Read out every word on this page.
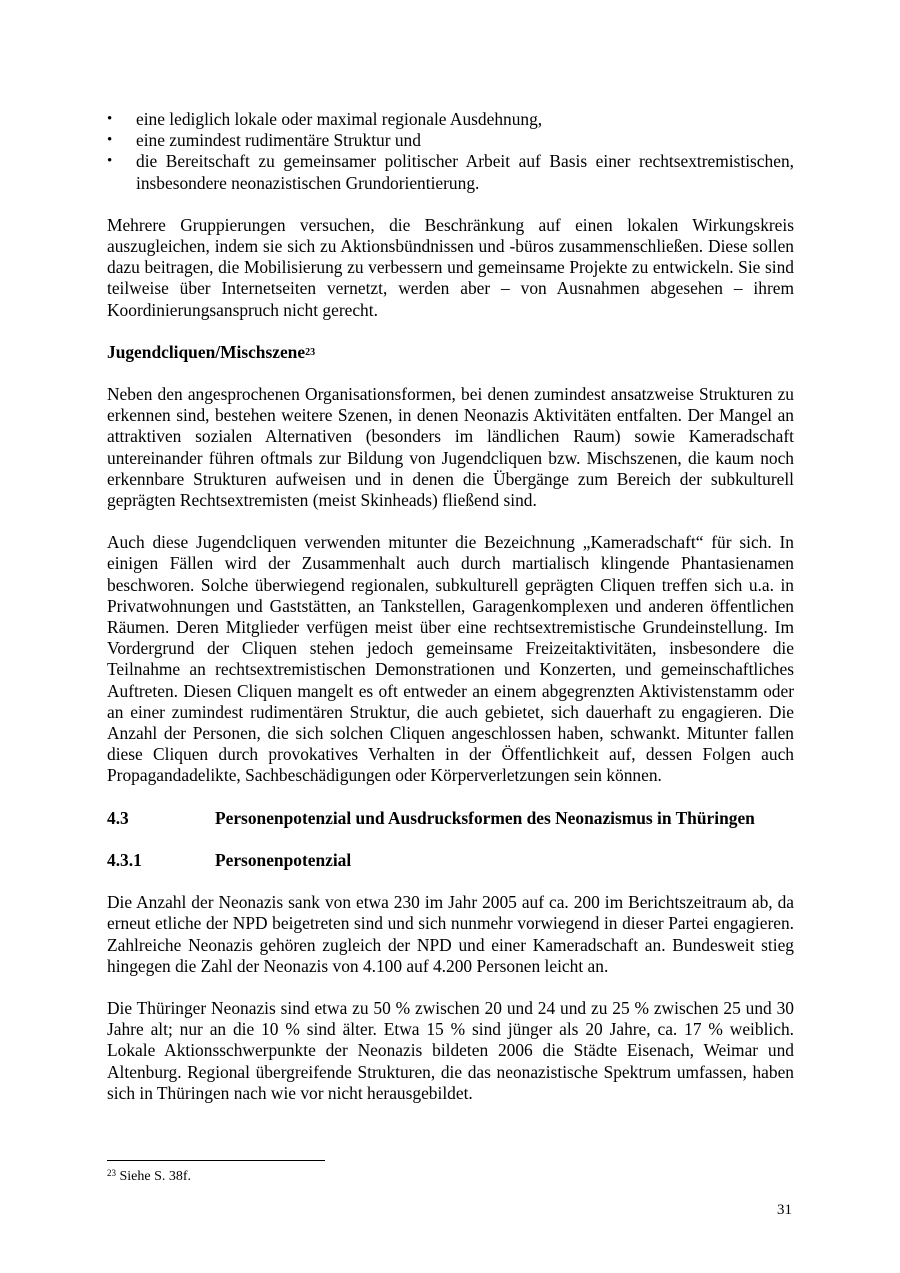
•	eine lediglich lokale oder maximal regionale Ausdehnung,
•	eine zumindest rudimentäre Struktur und
•	die Bereitschaft zu gemeinsamer politischer Arbeit auf Basis einer rechtsextremistischen, insbesondere neonazistischen Grundorientierung.

Mehrere Gruppierungen versuchen, die Beschränkung auf einen lokalen Wirkungskreis auszugleichen, indem sie sich zu Aktionsbündnissen und -büros zusammenschließen. Diese sollen dazu beitragen, die Mobilisierung zu verbessern und gemeinsame Projekte zu entwickeln. Sie sind teilweise über Internetseiten vernetzt, werden aber – von Ausnahmen abgesehen – ihrem Koordinierungsanspruch nicht gerecht.

Jugendcliquen/Mischszene$^{23}$

Neben den angesprochenen Organisationsformen, bei denen zumindest ansatzweise Strukturen zu erkennen sind, bestehen weitere Szenen, in denen Neonazis Aktivitäten entfalten. Der Mangel an attraktiven sozialen Alternativen (besonders im ländlichen Raum) sowie Kameradschaft untereinander führen oftmals zur Bildung von Jugendcliquen bzw. Mischszenen, die kaum noch erkennbare Strukturen aufweisen und in denen die Übergänge zum Bereich der subkulturell geprägten Rechtsextremisten (meist Skinheads) fließend sind.

Auch diese Jugendcliquen verwenden mitunter die Bezeichnung „Kameradschaft“ für sich. In einigen Fällen wird der Zusammenhalt auch durch martialisch klingende Phantasienamen beschworen. Solche überwiegend regionalen, subkulturell geprägten Cliquen treffen sich u.a. in Privatwohnungen und Gaststätten, an Tankstellen, Garagenkomplexen und anderen öffentlichen Räumen. Deren Mitglieder verfügen meist über eine rechtsextremistische Grundeinstellung. Im Vordergrund der Cliquen stehen jedoch gemeinsame Freizeitaktivitäten, insbesondere die Teilnahme an rechtsextremistischen Demonstrationen und Konzerten, und gemeinschaftliches Auftreten. Diesen Cliquen mangelt es oft entweder an einem abgegrenzten Aktivistenstamm oder an einer zumindest rudimentären Struktur, die auch gebietet, sich dauerhaft zu engagieren. Die Anzahl der Personen, die sich solchen Cliquen angeschlossen haben, schwankt. Mitunter fallen diese Cliquen durch provokatives Verhalten in der Öffentlichkeit auf, dessen Folgen auch Propagandadelikte, Sachbeschädigungen oder Körperverletzungen sein können.

4.3	Personenpotenzial und Ausdrucksformen des Neonazismus in Thüringen
4.3.1	Personenpotenzial

Die Anzahl der Neonazis sank von etwa 230 im Jahr 2005 auf ca. 200 im Berichtszeitraum ab, da erneut etliche der NPD beigetreten sind und sich nunmehr vorwiegend in dieser Partei engagieren. Zahlreiche Neonazis gehören zugleich der NPD und einer Kameradschaft an. Bundesweit stieg hingegen die Zahl der Neonazis von 4.100 auf 4.200 Personen leicht an.

Die Thüringer Neonazis sind etwa zu 50 % zwischen 20 und 24 und zu 25 % zwischen 25 und 30 Jahre alt; nur an die 10 % sind älter. Etwa 15 % sind jünger als 20 Jahre, ca. 17 % weiblich. Lokale Aktionsschwerpunkte der Neonazis bildeten 2006 die Städte Eisenach, Weimar und Altenburg. Regional übergreifende Strukturen, die das neonazistische Spektrum umfassen, haben sich in Thüringen nach wie vor nicht herausgebildet.

$^{23}$ Siehe S. 38f.
31
